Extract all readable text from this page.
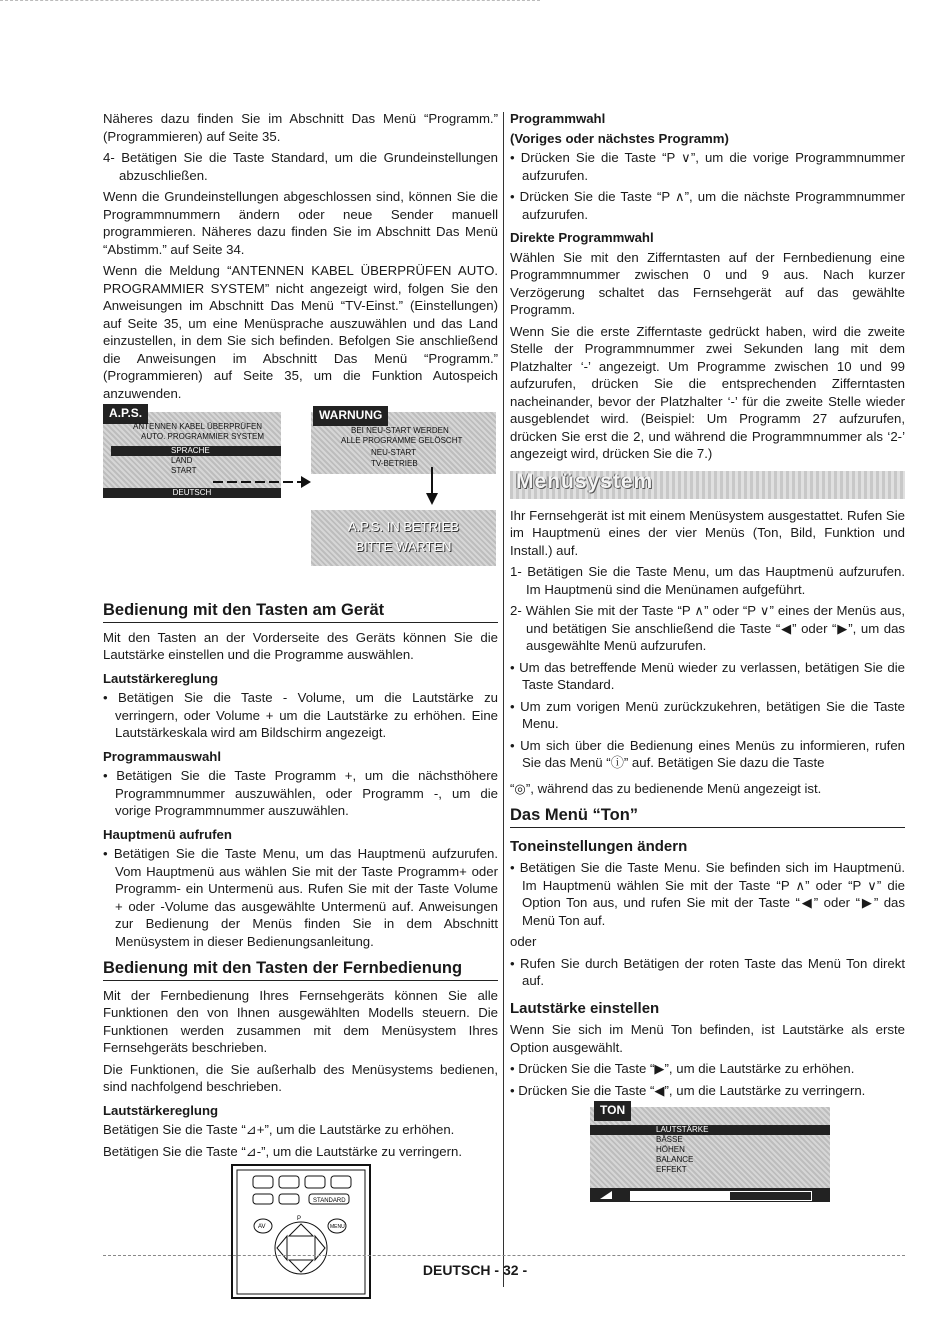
Näheres dazu finden Sie im Abschnitt Das Menü “Programm.” (Programmieren) auf Seite 35.

4- Betätigen Sie die Taste Standard, um die Grundeinstellungen abzuschließen.

Wenn die Grundeinstellungen abgeschlossen sind, können Sie die Programmnummern ändern oder neue Sender manuell programmieren. Näheres dazu finden Sie im Abschnitt Das Menü “Abstimm.” auf Seite 34.

Wenn die Meldung “ANTENNEN KABEL ÜBERPRÜFEN AUTO. PROGRAMMIER SYSTEM” nicht angezeigt wird, folgen Sie den Anweisungen im Abschnitt Das Menü “TV-Einst.” (Einstellungen) auf Seite 35, um eine Menüsprache auszuwählen und das Land einzustellen, in dem Sie sich befinden. Befolgen Sie anschließend die Anweisungen im Abschnitt Das Menü “Programm.” (Programmieren) auf Seite 35, um die Funktion Autospeich anzuwenden.

A.P.S.
ANTENNEN KABEL ÜBERPRÜFEN
AUTO. PROGRAMMIER SYSTEM
SPRACHE
LAND
START
DEUTSCH
WARNUNG
BEI NEU-START WERDEN
ALLE PROGRAMME GELÖSCHT
NEU-START
TV-BETRIEB
A.P.S. IN BETRIEB
BITTE WARTEN
Bedienung mit den Tasten am Gerät

Mit den Tasten an der Vorderseite des Geräts können Sie die Lautstärke einstellen und die Programme auswählen.

Lautstärkereglung

• Betätigen Sie die Taste - Volume, um die Lautstärke zu verringern, oder Volume + um die Lautstärke zu erhöhen. Eine Lautstärkeskala wird am Bildschirm angezeigt.

Programmauswahl

• Betätigen Sie die Taste Programm +, um die nächsthöhere Programmnummer auszuwählen, oder Programm -, um die vorige Programmnummer auszuwählen.

Hauptmenü aufrufen

• Betätigen Sie die Taste Menu, um das Hauptmenü aufzurufen. Vom Hauptmenü aus wählen Sie mit der Taste Programm+ oder Programm- ein Untermenü aus. Rufen Sie mit der Taste Volume + oder -Volume das ausgewählte Untermenü auf. Anweisungen zur Bedienung der Menüs finden Sie in dem Abschnitt Menüsystem in dieser Bedienungsanleitung.

Bedienung mit den Tasten der Fernbedienung

Mit der Fernbedienung Ihres Fernsehgeräts können Sie alle Funktionen den von Ihnen ausgewählten Modells steuern. Die Funktionen werden zusammen mit dem Menüsystem Ihres Fernsehgeräts beschrieben.

Die Funktionen, die Sie außerhalb des Menüsystems bedienen, sind nachfolgend beschrieben.

Lautstärkereglung

Betätigen Sie die Taste “⊿+”, um die Lautstärke zu erhöhen.

Betätigen Sie die Taste “⊿-”, um die Lautstärke zu verringern.

STANDARD
AV	MENU
P
Programmwahl
(Voriges oder nächstes Programm)

• Drücken Sie die Taste “P ∨”, um die vorige Programmnummer aufzurufen.

• Drücken Sie die Taste “P ∧”, um die nächste Programmnummer aufzurufen.

Direkte Programmwahl

Wählen Sie mit den Zifferntasten auf der Fernbedienung eine Programmnummer zwischen 0 und 9 aus. Nach kurzer Verzögerung schaltet das Fernsehgerät auf das gewählte Programm.

Wenn Sie die erste Zifferntaste gedrückt haben, wird die zweite Stelle der Programmnummer zwei Sekunden lang mit dem Platzhalter ‘-’ angezeigt. Um Programme zwischen 10 und 99 aufzurufen, drücken Sie die entsprechenden Zifferntasten nacheinander, bevor der Platzhalter ‘-’ für die zweite Stelle wieder ausgeblendet wird. (Beispiel: Um Programm 27 aufzurufen, drücken Sie erst die 2, und während die Programmnummer als ‘2-’ angezeigt wird, drücken Sie die 7.)

Menüsystem

Ihr Fernsehgerät ist mit einem Menüsystem ausgestattet. Rufen Sie im Hauptmenü eines der vier Menüs (Ton, Bild, Funktion und Install.) auf.

1- Betätigen Sie die Taste Menu, um das Hauptmenü aufzurufen. Im Hauptmenü sind die Menünamen aufgeführt.

2- Wählen Sie mit der Taste “P ∧” oder “P ∨” eines der Menüs aus, und betätigen Sie anschließend die Taste “◀” oder “▶”, um das ausgewählte Menü aufzurufen.

• Um das betreffende Menü wieder zu verlassen, betätigen Sie die Taste Standard.

• Um zum vorigen Menü zurückzukehren, betätigen Sie die Taste Menu.

• Um sich über die Bedienung eines Menüs zu informieren, rufen Sie das Menü “ⓘ” auf. Betätigen Sie dazu die Taste

“◎”, während das zu bedienende Menü angezeigt ist.

Das Menü “Ton”
Toneinstellungen ändern

• Betätigen Sie die Taste Menu. Sie befinden sich im Hauptmenü. Im Hauptmenü wählen Sie mit der Taste “P ∧” oder “P ∨” die Option Ton aus, und rufen Sie mit der Taste “◀” oder “▶” das Menü Ton auf.

oder

• Rufen Sie durch Betätigen der roten Taste das Menü Ton direkt auf.

Lautstärke einstellen

Wenn Sie sich im Menü Ton befinden, ist Lautstärke als erste Option ausgewählt.

• Drücken Sie die Taste “▶”, um die Lautstärke zu erhöhen.

• Drücken Sie die Taste “◀”, um die Lautstärke zu verringern.

TON
LAUTSTÄRKE
BÄSSE
HÖHEN
BALANCE
EFFEKT
DEUTSCH - 32 -
